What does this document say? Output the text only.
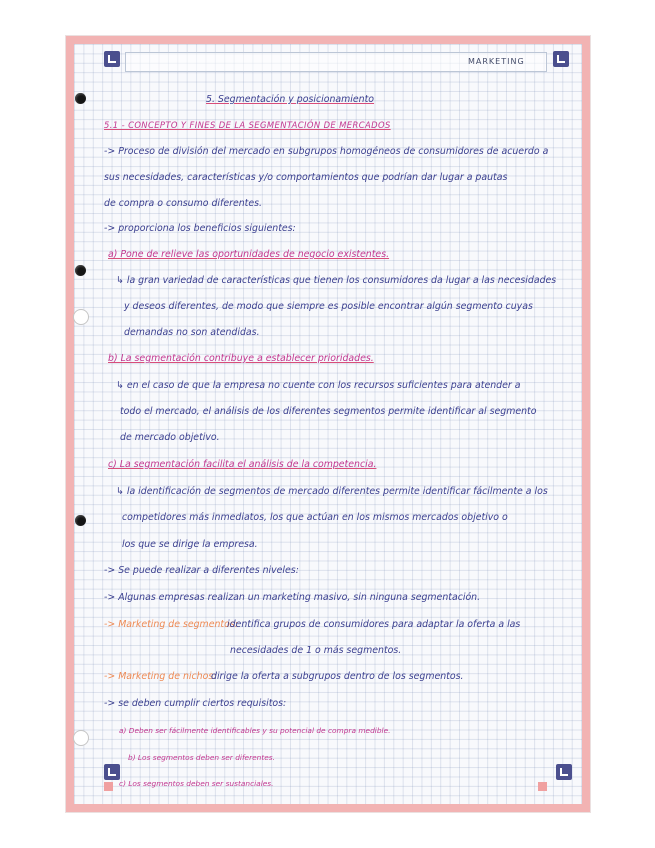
MARKETING
5. Segmentación y posicionamiento
5.1 - CONCEPTO Y FINES DE LA SEGMENTACIÓN DE MERCADOS
-> Proceso de división del mercado en subgrupos homogéneos de consumidores de acuerdo a
sus necesidades, características y/o comportamientos que podrían dar lugar a pautas
de compra o consumo diferentes.
-> proporciona los beneficios siguientes:
a) Pone de relieve las oportunidades de negocio existentes.
↳ la gran variedad de características que tienen los consumidores da lugar a las necesidades
y deseos diferentes, de modo que siempre es posible encontrar algún segmento cuyas
demandas no son atendidas.
b) La segmentación contribuye a establecer prioridades.
↳ en el caso de que la empresa no cuente con los recursos suficientes para atender a
todo el mercado, el análisis de los diferentes segmentos permite identificar al segmento
de mercado objetivo.
c) La segmentación facilita el análisis de la competencia.
↳ la identificación de segmentos de mercado diferentes permite identificar fácilmente a los
competidores más inmediatos, los que actúan en los mismos mercados objetivo o
los que se dirige la empresa.
-> Se puede realizar a diferentes niveles:
-> Algunas empresas realizan un marketing masivo, sin ninguna segmentación.
-> Marketing de segmentos:
identifica grupos de consumidores para adaptar la oferta a las
necesidades de 1 o más segmentos.
-> Marketing de nichos:
dirige la oferta a subgrupos dentro de los segmentos.
-> se deben cumplir ciertos requisitos:
a) Deben ser fácilmente identificables y su potencial de compra medible.
b) Los segmentos deben ser diferentes.
c) Los segmentos deben ser sustanciales.
